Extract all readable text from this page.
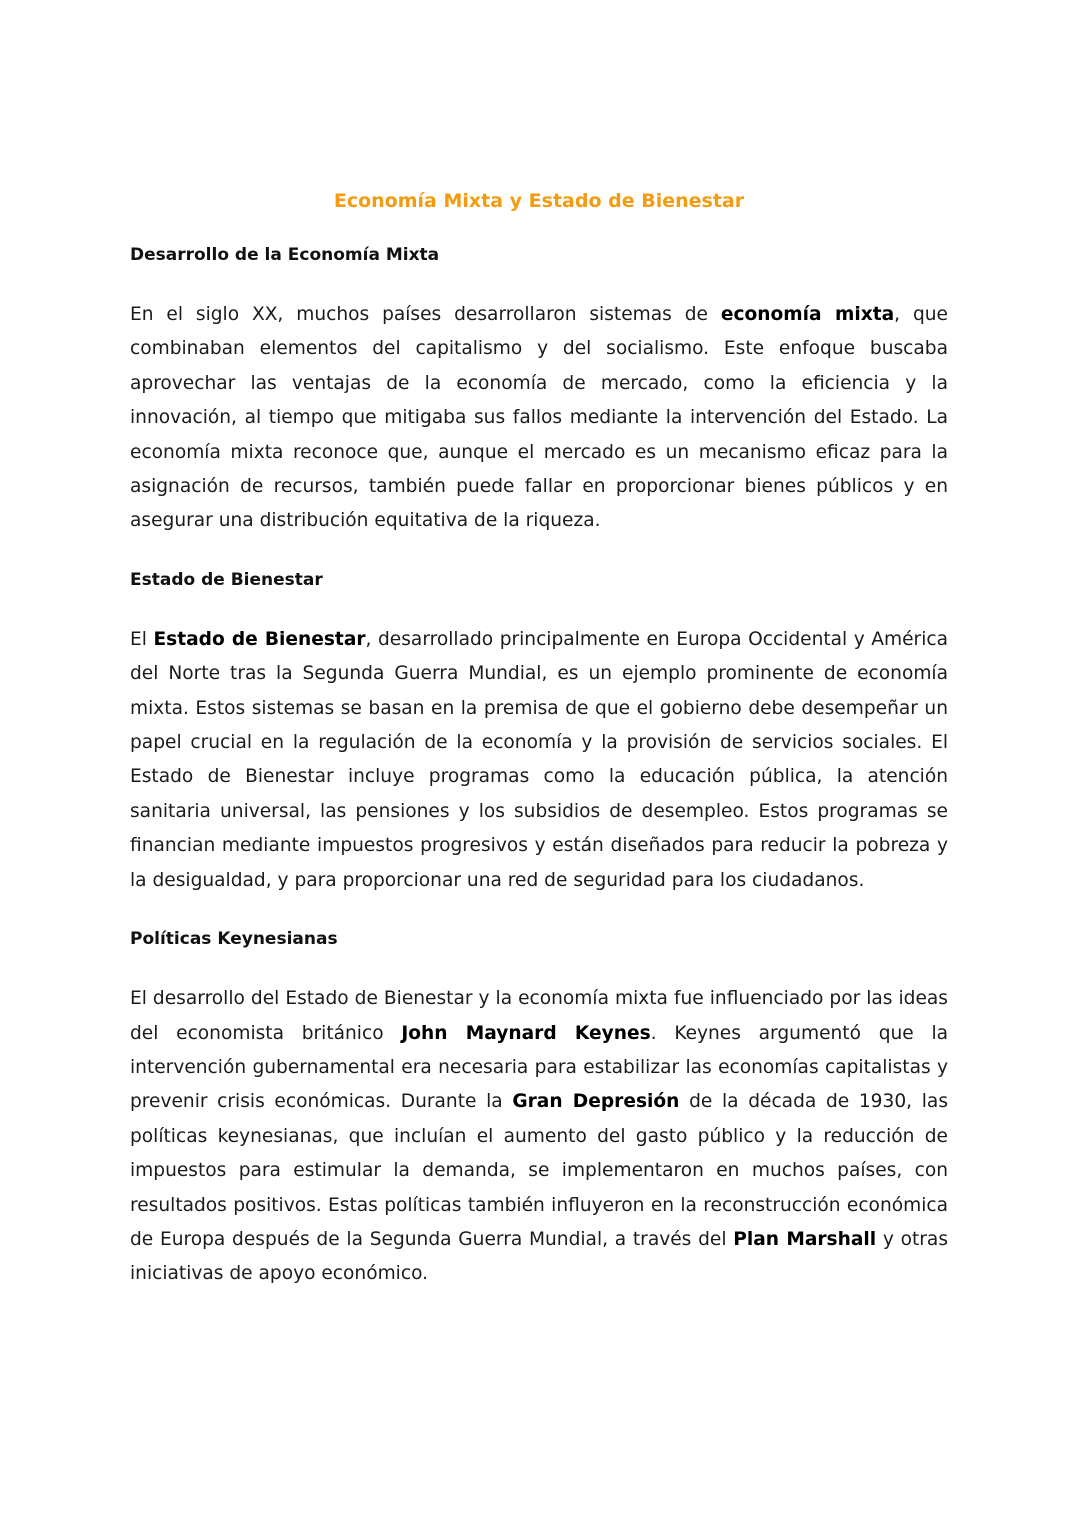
Economía Mixta y Estado de Bienestar
Desarrollo de la Economía Mixta

En el siglo XX, muchos países desarrollaron sistemas de economía mixta, que combinaban elementos del capitalismo y del socialismo. Este enfoque buscaba aprovechar las ventajas de la economía de mercado, como la eficiencia y la innovación, al tiempo que mitigaba sus fallos mediante la intervención del Estado. La economía mixta reconoce que, aunque el mercado es un mecanismo eficaz para la asignación de recursos, también puede fallar en proporcionar bienes públicos y en asegurar una distribución equitativa de la riqueza.

Estado de Bienestar

El Estado de Bienestar, desarrollado principalmente en Europa Occidental y América del Norte tras la Segunda Guerra Mundial, es un ejemplo prominente de economía mixta. Estos sistemas se basan en la premisa de que el gobierno debe desempeñar un papel crucial en la regulación de la economía y la provisión de servicios sociales. El Estado de Bienestar incluye programas como la educación pública, la atención sanitaria universal, las pensiones y los subsidios de desempleo. Estos programas se financian mediante impuestos progresivos y están diseñados para reducir la pobreza y la desigualdad, y para proporcionar una red de seguridad para los ciudadanos.

Políticas Keynesianas

El desarrollo del Estado de Bienestar y la economía mixta fue influenciado por las ideas del economista británico John Maynard Keynes. Keynes argumentó que la intervención gubernamental era necesaria para estabilizar las economías capitalistas y prevenir crisis económicas. Durante la Gran Depresión de la década de 1930, las políticas keynesianas, que incluían el aumento del gasto público y la reducción de impuestos para estimular la demanda, se implementaron en muchos países, con resultados positivos. Estas políticas también influyeron en la reconstrucción económica de Europa después de la Segunda Guerra Mundial, a través del Plan Marshall y otras iniciativas de apoyo económico.
